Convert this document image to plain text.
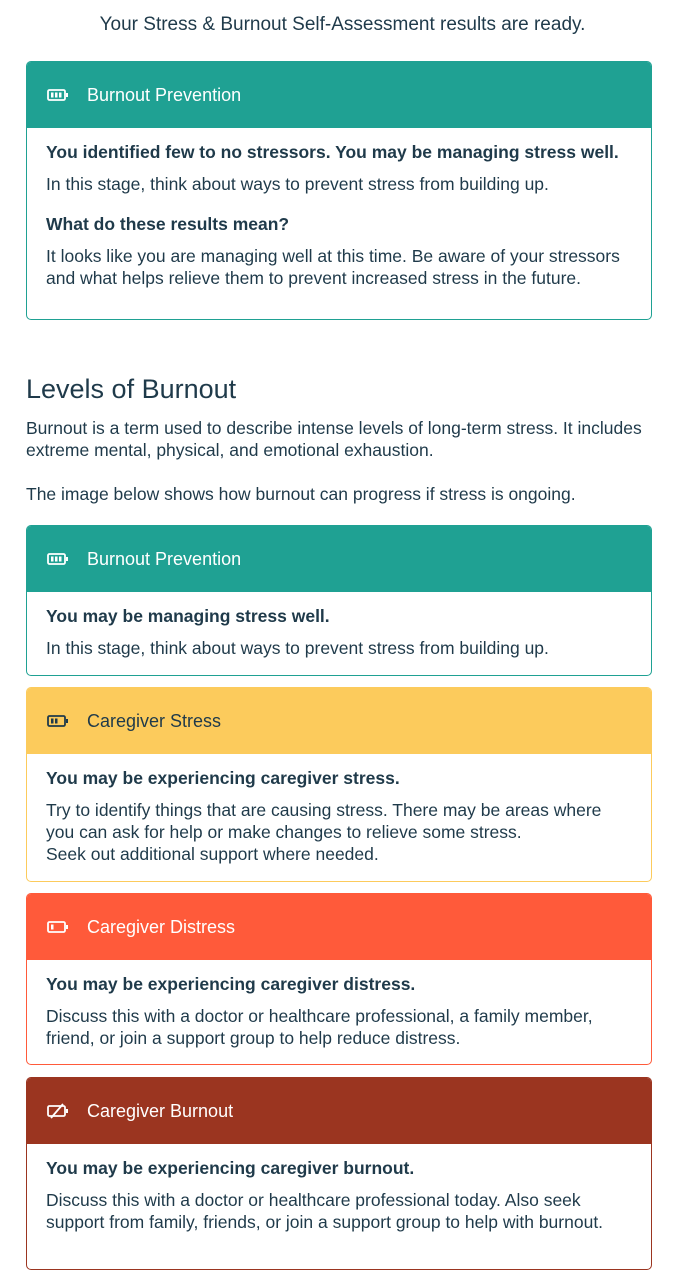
Your Stress & Burnout Self-Assessment results are ready.
Burnout Prevention

You identified few to no stressors. You may be managing stress well.

In this stage, think about ways to prevent stress from building up.

What do these results mean?

It looks like you are managing well at this time. Be aware of your stressors and what helps relieve them to prevent increased stress in the future.

Levels of Burnout

Burnout is a term used to describe intense levels of long-term stress. It includes extreme mental, physical, and emotional exhaustion.

The image below shows how burnout can progress if stress is ongoing.

Burnout Prevention

You may be managing stress well.

In this stage, think about ways to prevent stress from building up.

Caregiver Stress

You may be experiencing caregiver stress.

Try to identify things that are causing stress. There may be areas where you can ask for help or make changes to relieve some stress.
Seek out additional support where needed.

Caregiver Distress

You may be experiencing caregiver distress.

Discuss this with a doctor or healthcare professional, a family member, friend, or join a support group to help reduce distress.

Caregiver Burnout

You may be experiencing caregiver burnout.

Discuss this with a doctor or healthcare professional today. Also seek support from family, friends, or join a support group to help with burnout.
